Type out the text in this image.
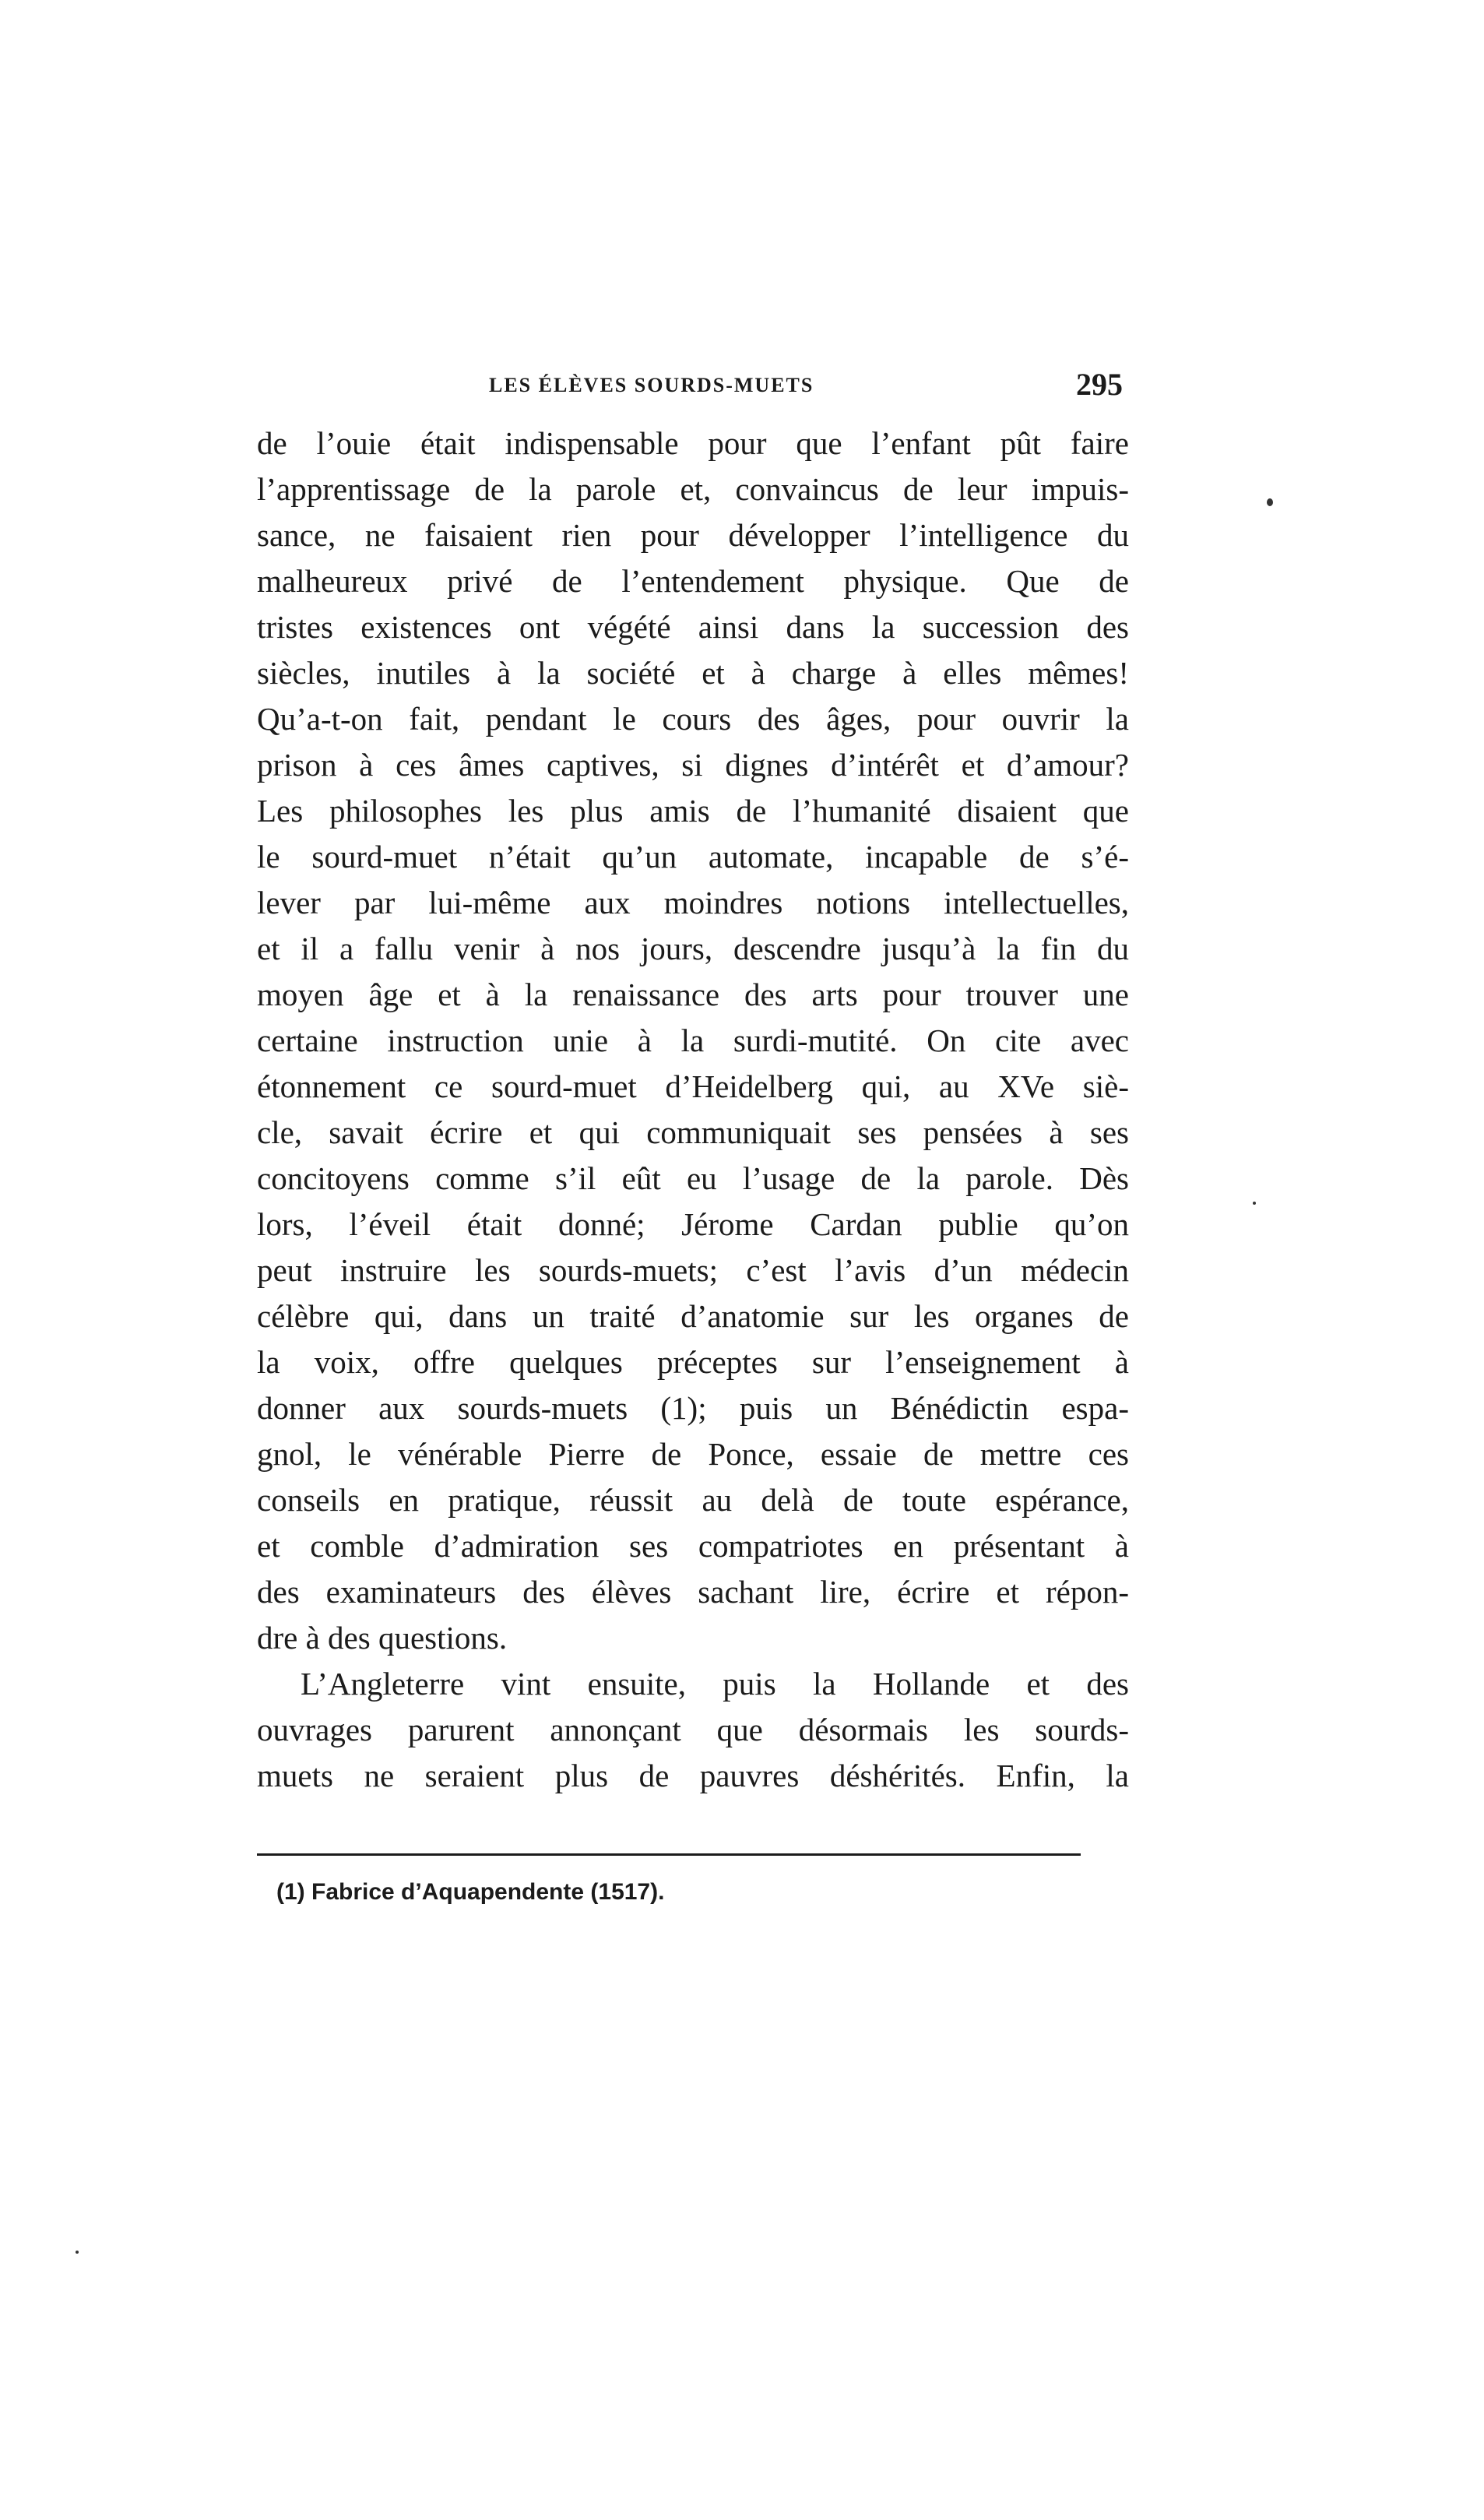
LES ÉLÈVES SOURDS-MUETS	295
de l’ouie était indispensable pour que l’enfant pût faire
l’apprentissage de la parole et, convaincus de leur impuis-
sance, ne faisaient rien pour développer l’intelligence du
malheureux privé de l’entendement physique. Que de
tristes existences ont végété ainsi dans la succession des
siècles, inutiles à la société et à charge à elles mêmes!
Qu’a-t-on fait, pendant le cours des âges, pour ouvrir la
prison à ces âmes captives, si dignes d’intérêt et d’amour?
Les philosophes les plus amis de l’humanité disaient que
le sourd-muet n’était qu’un automate, incapable de s’é-
lever par lui-même aux moindres notions intellectuelles,
et il a fallu venir à nos jours, descendre jusqu’à la fin du
moyen âge et à la renaissance des arts pour trouver une
certaine instruction unie à la surdi-mutité. On cite avec
étonnement ce sourd-muet d’Heidelberg qui, au XVe siè-
cle, savait écrire et qui communiquait ses pensées à ses
concitoyens comme s’il eût eu l’usage de la parole. Dès
lors, l’éveil était donné; Jérome Cardan publie qu’on
peut instruire les sourds-muets; c’est l’avis d’un médecin
célèbre qui, dans un traité d’anatomie sur les organes de
la voix, offre quelques préceptes sur l’enseignement à
donner aux sourds-muets (1); puis un Bénédictin espa-
gnol, le vénérable Pierre de Ponce, essaie de mettre ces
conseils en pratique, réussit au delà de toute espérance,
et comble d’admiration ses compatriotes en présentant à
des examinateurs des élèves sachant lire, écrire et répon-
dre à des questions.
L’Angleterre vint ensuite, puis la Hollande et des
ouvrages parurent annonçant que désormais les sourds-
muets ne seraient plus de pauvres déshérités. Enfin, la
(1) Fabrice d’Aquapendente (1517).
